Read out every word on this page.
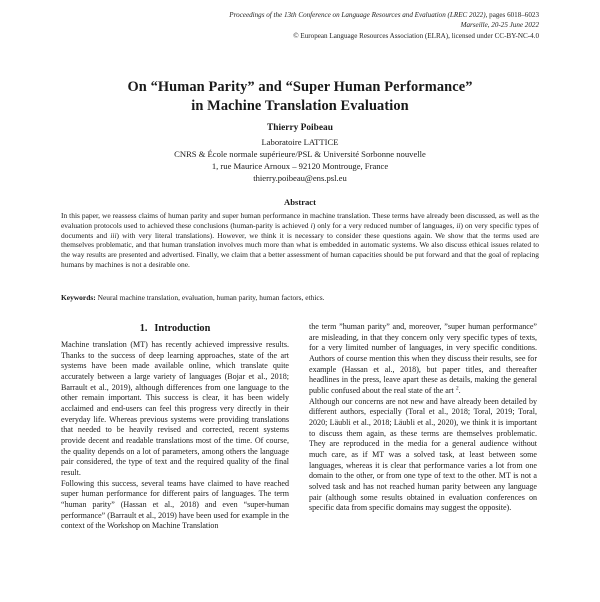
Proceedings of the 13th Conference on Language Resources and Evaluation (LREC 2022), pages 6018–6023
Marseille, 20-25 June 2022
© European Language Resources Association (ELRA), licensed under CC-BY-NC-4.0
On “Human Parity” and “Super Human Performance”
in Machine Translation Evaluation
Thierry Poibeau
Laboratoire LATTICE
CNRS & École normale supérieure/PSL & Université Sorbonne nouvelle
1, rue Maurice Arnoux – 92120 Montrouge, France
thierry.poibeau@ens.psl.eu
Abstract
In this paper, we reassess claims of human parity and super human performance in machine translation. These terms have already been discussed, as well as the evaluation protocols used to achieved these conclusions (human-parity is achieved i) only for a very reduced number of languages, ii) on very specific types of documents and iii) with very literal translations). However, we think it is necessary to consider these questions again. We show that the terms used are themselves problematic, and that human translation involves much more than what is embedded in automatic systems. We also discuss ethical issues related to the way results are presented and advertised. Finally, we claim that a better assessment of human capacities should be put forward and that the goal of replacing humans by machines is not a desirable one.
Keywords: Neural machine translation, evaluation, human parity, human factors, ethics.
1. Introduction

Machine translation (MT) has recently achieved impressive results. Thanks to the success of deep learning approaches, state of the art systems have been made available online, which translate quite accurately between a large variety of languages (Bojar et al., 2018; Barrault et al., 2019), although differences from one language to the other remain important. This success is clear, it has been widely acclaimed and end-users can feel this progress very directly in their everyday life. Whereas previous systems were providing translations that needed to be heavily revised and corrected, recent systems provide decent and readable translations most of the time. Of course, the quality depends on a lot of parameters, among others the language pair considered, the type of text and the required quality of the final result.

Following this success, several teams have claimed to have reached super human performance for different pairs of languages. The term “human parity” (Hassan et al., 2018) and even “super-human performance” (Barrault et al., 2019) have been used for example in the context of the Workshop on Machine Translation

the term ”human parity” and, moreover, ”super human performance” are misleading, in that they concern only very specific types of texts, for a very limited number of languages, in very specific conditions. Authors of course mention this when they discuss their results, see for example (Hassan et al., 2018), but paper titles, and thereafter headlines in the press, leave apart these as details, making the general public confused about the real state of the art $^2$.

Although our concerns are not new and have already been detailed by different authors, especially (Toral et al., 2018; Toral, 2019; Toral, 2020; Läubli et al., 2018; Läubli et al., 2020), we think it is important to discuss them again, as these terms are themselves problematic. They are reproduced in the media for a general audience without much care, as if MT was a solved task, at least between some languages, whereas it is clear that performance varies a lot from one domain to the other, or from one type of text to the other. MT is not a solved task and has not reached human parity between any language pair (although some results obtained in evaluation conferences on specific data from specific domains may suggest the opposite).
